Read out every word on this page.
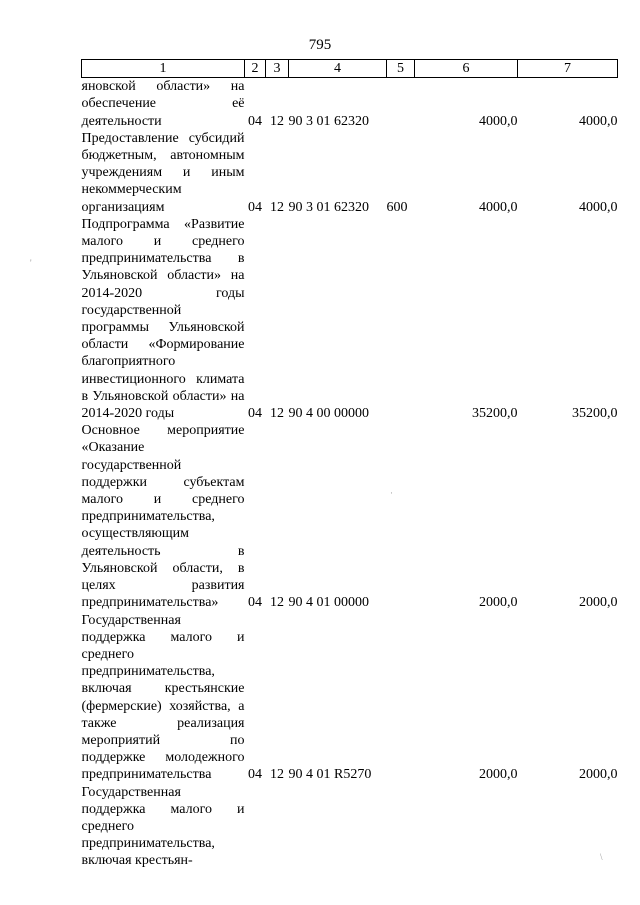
795
1	2	3	4	5	6	7
яновской области» на обеспечение её деятельности	04	12	90 3 01 62320		4000,0	4000,0
Предоставление субсидий бюджетным, автономным учреждениям и иным некоммерческим организациям	04	12	90 3 01 62320	600	4000,0	4000,0
Подпрограмма «Развитие малого и среднего предпринимательства в Ульяновской области» на 2014-2020 годы государственной программы Ульяновской области «Формирование благоприятного инвестиционного климата в Ульяновской области» на 2014-2020 годы	04	12	90 4 00 00000		35200,0	35200,0
Основное мероприятие «Оказание государственной поддержки субъектам малого и среднего предпринимательства, осуществляющим деятельность в Ульяновской области, в целях развития предпринимательства»	04	12	90 4 01 00000		2000,0	2000,0
Государственная поддержка малого и среднего предпринимательства, включая крестьянские (фермерские) хозяйства, а также реализация мероприятий по поддержке молодежного предпринимательства	04	12	90 4 01 R5270		2000,0	2000,0
Государственная поддержка малого и среднего предпринимательства, включая крестьян-						
'
·
\
